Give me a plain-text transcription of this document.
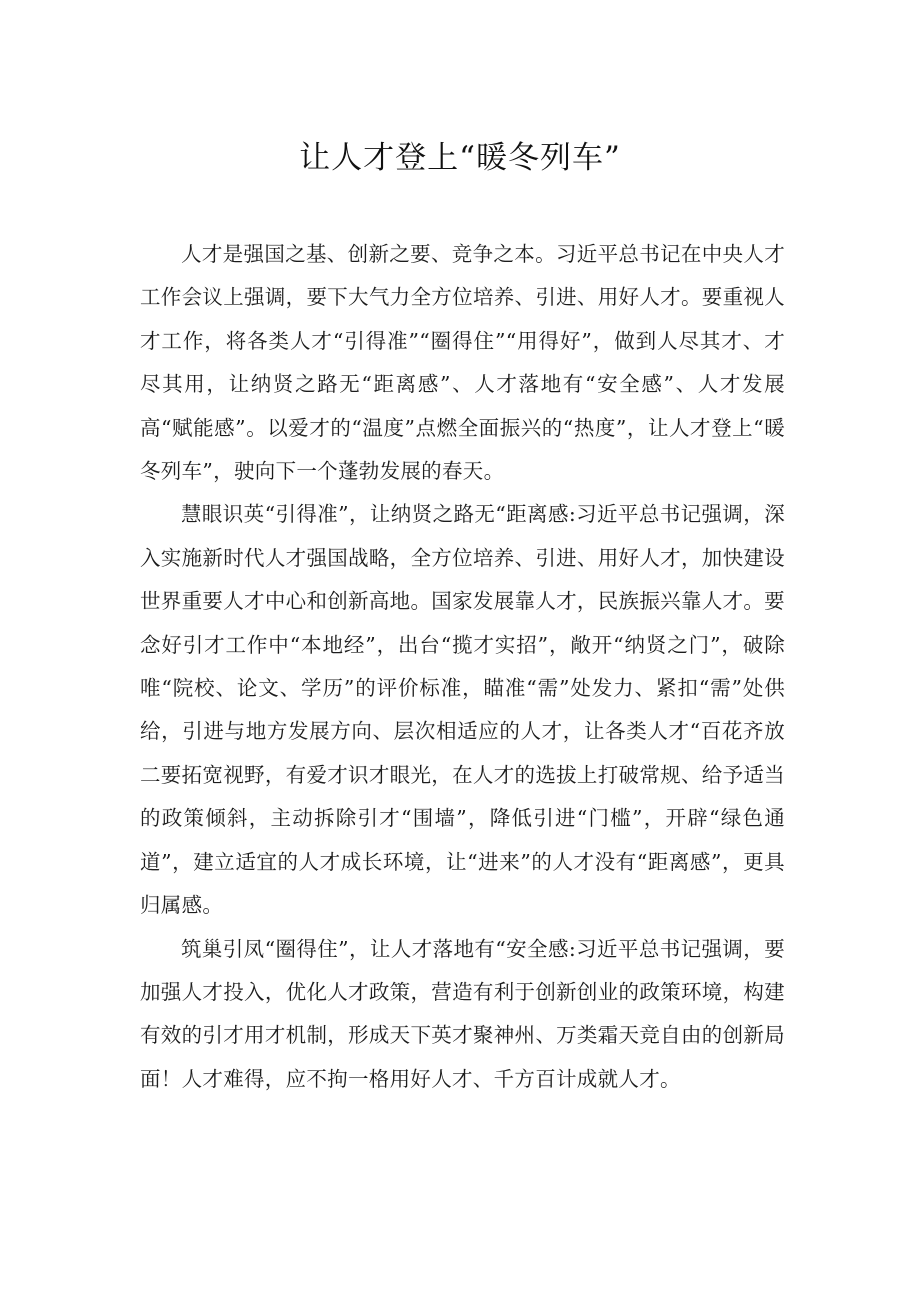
让人才登上“暖冬列车”

人才是强国之基、创新之要、竞争之本。习近平总书记在中央人才工作会议上强调，要下大气力全方位培养、引进、用好人才。要重视人才工作，将各类人才“引得准”“圈得住”“用得好”，做到人尽其才、才尽其用，让纳贤之路无“距离感”、人才落地有“安全感”、人才发展高“赋能感”。以爱才的“温度”点燃全面振兴的“热度”，让人才登上“暖冬列车”，驶向下一个蓬勃发展的春天。

慧眼识英“引得准”，让纳贤之路无“距离感:习近平总书记强调，深入实施新时代人才强国战略，全方位培养、引进、用好人才，加快建设世界重要人才中心和创新高地。国家发展靠人才，民族振兴靠人才。要念好引才工作中“本地经”，出台“揽才实招”，敞开“纳贤之门”，破除唯“院校、论文、学历”的评价标准，瞄准“需”处发力、紧扣“需”处供给，引进与地方发展方向、层次相适应的人才，让各类人才“百花齐放二要拓宽视野，有爱才识才眼光，在人才的选拔上打破常规、给予适当的政策倾斜，主动拆除引才“围墙”，降低引进“门槛”，开辟“绿色通道”，建立适宜的人才成长环境，让“进来”的人才没有“距离感”，更具归属感。

筑巢引凤“圈得住”，让人才落地有“安全感:习近平总书记强调，要加强人才投入，优化人才政策，营造有利于创新创业的政策环境，构建有效的引才用才机制，形成天下英才聚神州、万类霜天竞自由的创新局面！人才难得，应不拘一格用好人才、千方百计成就人才。
